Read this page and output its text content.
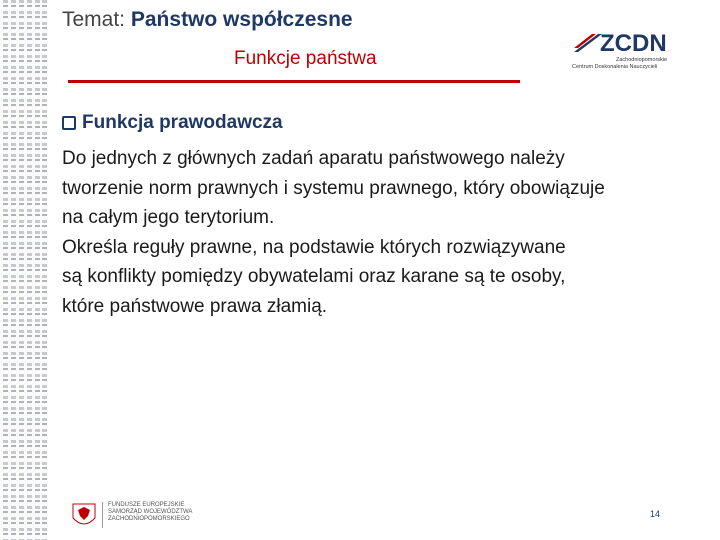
Temat: Państwo współczesne
Funkcje państwa
ZCDN
Zachodniopomorskie
Centrum Doskonalenia Nauczycieli
Funkcja prawodawcza

Do jednych z głównych zadań aparatu państwowego należy

tworzenie norm prawnych i systemu prawnego, który obowiązuje

na całym jego terytorium.

Określa reguły prawne, na podstawie których rozwiązywane

są konflikty pomiędzy obywatelami oraz karane są te osoby,

które państwowe prawa złamią.

FUNDUSZE EUROPEJSKIE
SAMORZĄD WOJEWÓDZTWA
ZACHODNIOPOMORSKIEGO	14
